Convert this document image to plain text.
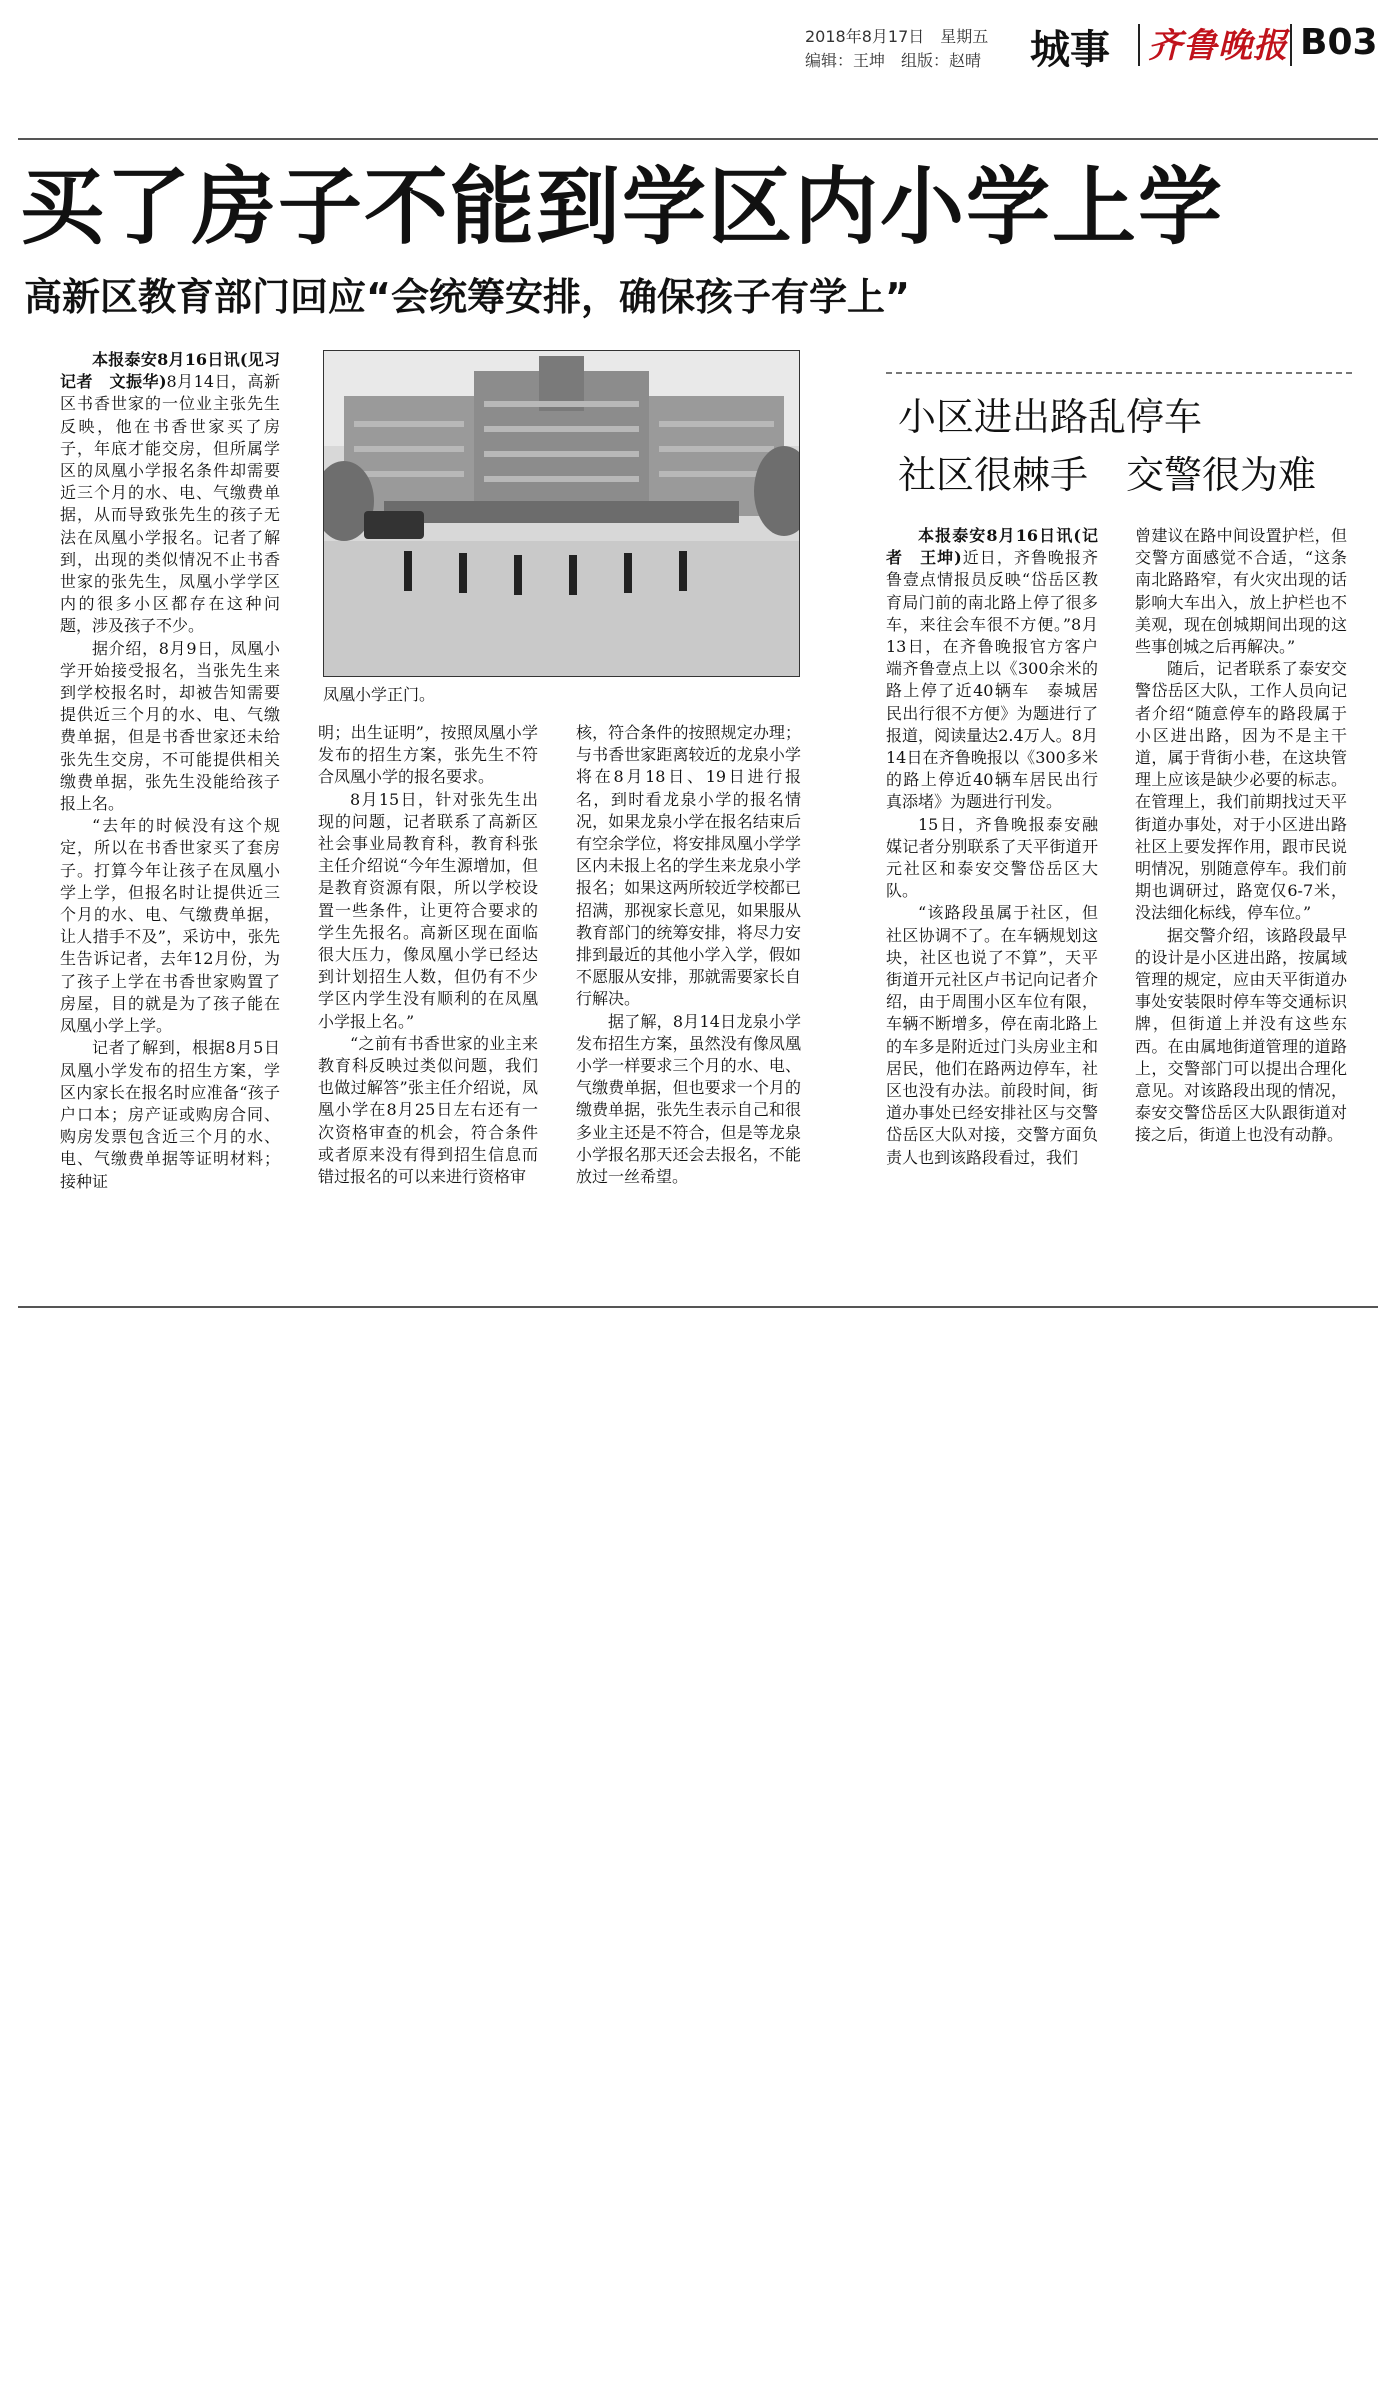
2018年8月17日　星期五
编辑：王坤　组版：赵晴 城事 齐鲁晚报 B03
买了房子不能到学区内小学上学
高新区教育部门回应“会统筹安排，确保孩子有学上”

本报泰安8月16日讯(见习记者　文振华)8月14日，高新区书香世家的一位业主张先生反映，他在书香世家买了房子，年底才能交房，但所属学区的凤凰小学报名条件却需要近三个月的水、电、气缴费单据，从而导致张先生的孩子无法在凤凰小学报名。记者了解到，出现的类似情况不止书香世家的张先生，凤凰小学学区内的很多小区都存在这种问题，涉及孩子不少。

据介绍，8月9日，凤凰小学开始接受报名，当张先生来到学校报名时，却被告知需要提供近三个月的水、电、气缴费单据，但是书香世家还未给张先生交房，不可能提供相关缴费单据，张先生没能给孩子报上名。

“去年的时候没有这个规定，所以在书香世家买了套房子。打算今年让孩子在凤凰小学上学，但报名时让提供近三个月的水、电、气缴费单据，让人措手不及”，采访中，张先生告诉记者，去年12月份，为了孩子上学在书香世家购置了房屋，目的就是为了孩子能在凤凰小学上学。

记者了解到，根据8月5日凤凰小学发布的招生方案，学区内家长在报名时应准备“孩子户口本；房产证或购房合同、购房发票包含近三个月的水、电、气缴费单据等证明材料；接种证

凤凰小学正门。

明；出生证明”，按照凤凰小学发布的招生方案，张先生不符合凤凰小学的报名要求。

8月15日，针对张先生出现的问题，记者联系了高新区社会事业局教育科，教育科张主任介绍说“今年生源增加，但是教育资源有限，所以学校设置一些条件，让更符合要求的学生先报名。高新区现在面临很大压力，像凤凰小学已经达到计划招生人数，但仍有不少学区内学生没有顺利的在凤凰小学报上名。”

“之前有书香世家的业主来教育科反映过类似问题，我们也做过解答”张主任介绍说，凤凰小学在8月25日左右还有一次资格审查的机会，符合条件或者原来没有得到招生信息而错过报名的可以来进行资格审

核，符合条件的按照规定办理；与书香世家距离较近的龙泉小学将在8月18日、19日进行报名，到时看龙泉小学的报名情况，如果龙泉小学在报名结束后有空余学位，将安排凤凰小学学区内未报上名的学生来龙泉小学报名；如果这两所较近学校都已招满，那视家长意见，如果服从教育部门的统筹安排，将尽力安排到最近的其他小学入学，假如不愿服从安排，那就需要家长自行解决。

据了解，8月14日龙泉小学发布招生方案，虽然没有像凤凰小学一样要求三个月的水、电、气缴费单据，但也要求一个月的缴费单据，张先生表示自己和很多业主还是不符合，但是等龙泉小学报名那天还会去报名，不能放过一丝希望。

小区进出路乱停车
社区很棘手　交警很为难

本报泰安8月16日讯(记者　王坤)近日，齐鲁晚报齐鲁壹点情报员反映“岱岳区教育局门前的南北路上停了很多车，来往会车很不方便。”8月13日，在齐鲁晚报官方客户端齐鲁壹点上以《300余米的路上停了近40辆车　泰城居民出行很不方便》为题进行了报道，阅读量达2.4万人。8月14日在齐鲁晚报以《300多米的路上停近40辆车居民出行真添堵》为题进行刊发。

15日，齐鲁晚报泰安融媒记者分别联系了天平街道开元社区和泰安交警岱岳区大队。

“该路段虽属于社区，但社区协调不了。在车辆规划这块，社区也说了不算”，天平街道开元社区卢书记向记者介绍，由于周围小区车位有限，车辆不断增多，停在南北路上的车多是附近过门头房业主和居民，他们在路两边停车，社区也没有办法。前段时间，街道办事处已经安排社区与交警岱岳区大队对接，交警方面负责人也到该路段看过，我们

曾建议在路中间设置护栏，但交警方面感觉不合适，“这条南北路路窄，有火灾出现的话影响大车出入，放上护栏也不美观，现在创城期间出现的这些事创城之后再解决。”

随后，记者联系了泰安交警岱岳区大队，工作人员向记者介绍“随意停车的路段属于小区进出路，因为不是主干道，属于背街小巷，在这块管理上应该是缺少必要的标志。在管理上，我们前期找过天平街道办事处，对于小区进出路社区上要发挥作用，跟市民说明情况，别随意停车。我们前期也调研过，路宽仅6-7米，没法细化标线，停车位。”

据交警介绍，该路段最早的设计是小区进出路，按属域管理的规定，应由天平街道办事处安装限时停车等交通标识牌，但街道上并没有这些东西。在由属地街道管理的道路上，交警部门可以提出合理化意见。对该路段出现的情况，泰安交警岱岳区大队跟街道对接之后，街道上也没有动静。
